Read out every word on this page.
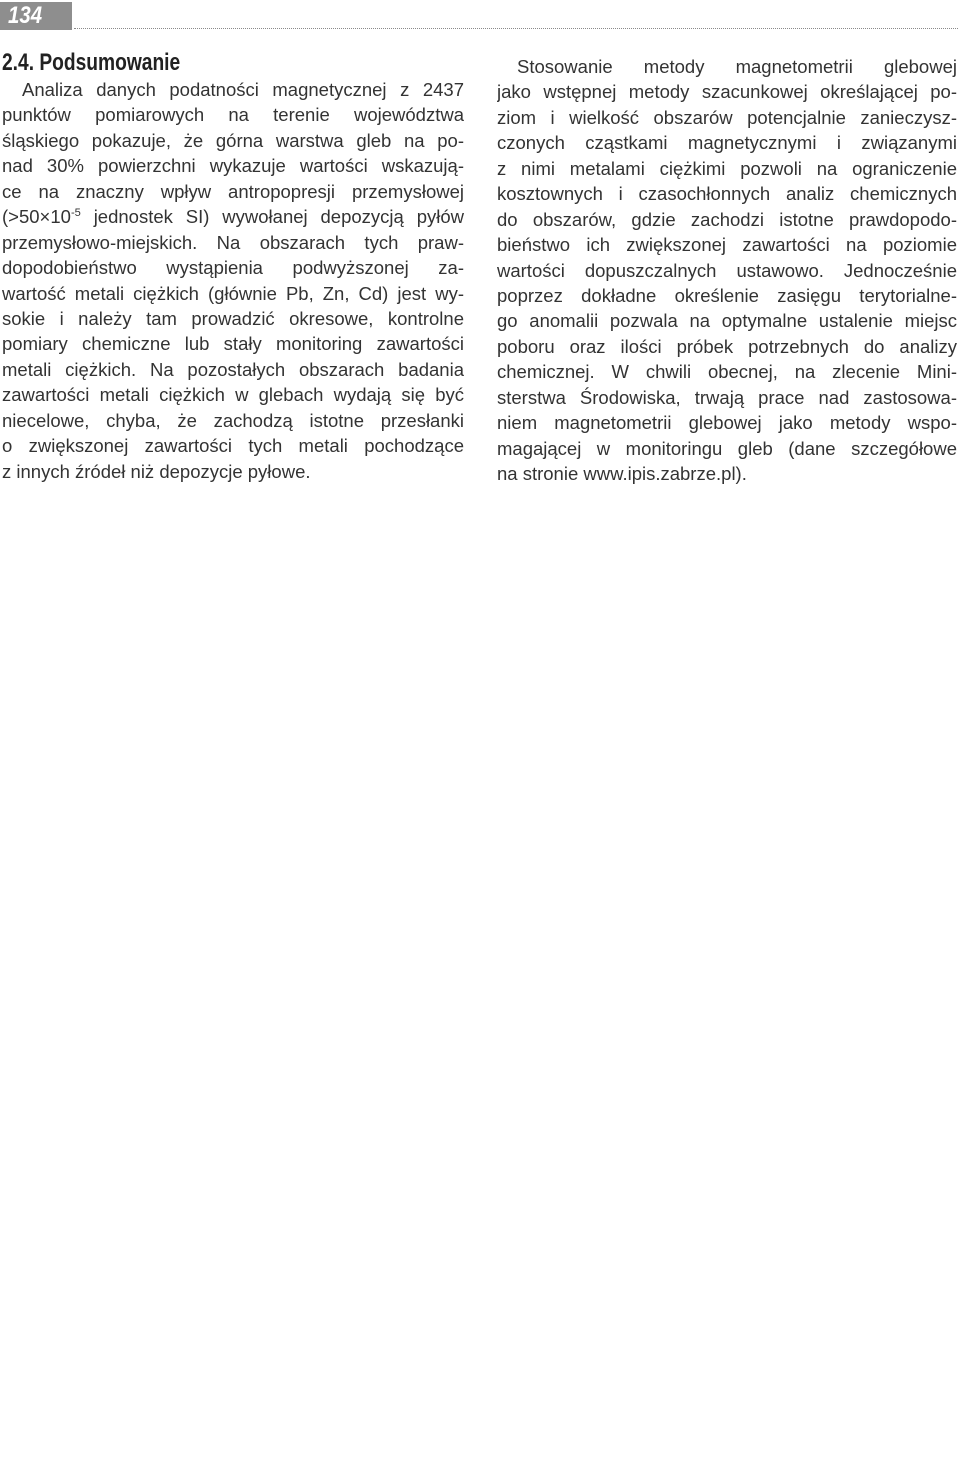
134
2.4. Podsumowanie
Analiza danych podatności magnetycznej z 2437
punktów pomiarowych na terenie województwa
śląskiego pokazuje, że górna warstwa gleb na po-
nad 30% powierzchni wykazuje wartości wskazują-
ce na znaczny wpływ antropopresji przemysłowej
($>50\times 10^{-5}$ jednostek SI) wywołanej depozycją pyłów
przemysłowo-miejskich. Na obszarach tych praw-
dopodobieństwo wystąpienia podwyższonej za-
wartość metali ciężkich (głównie Pb, Zn, Cd) jest wy-
sokie i należy tam prowadzić okresowe, kontrolne
pomiary chemiczne lub stały monitoring zawartości
metali ciężkich. Na pozostałych obszarach badania
zawartości metali ciężkich w glebach wydają się być
niecelowe, chyba, że zachodzą istotne przesłanki
o zwiększonej zawartości tych metali pochodzące
z innych źródeł niż depozycje pyłowe.
Stosowanie metody magnetometrii glebowej
jako wstępnej metody szacunkowej określającej po-
ziom i wielkość obszarów potencjalnie zanieczysz-
czonych cząstkami magnetycznymi i związanymi
z nimi metalami ciężkimi pozwoli na ograniczenie
kosztownych i czasochłonnych analiz chemicznych
do obszarów, gdzie zachodzi istotne prawdopodo-
bieństwo ich zwiększonej zawartości na poziomie
wartości dopuszczalnych ustawowo. Jednocześnie
poprzez dokładne określenie zasięgu terytorialne-
go anomalii pozwala na optymalne ustalenie miejsc
poboru oraz ilości próbek potrzebnych do analizy
chemicznej. W chwili obecnej, na zlecenie Mini-
sterstwa Środowiska, trwają prace nad zastosowa-
niem magnetometrii glebowej jako metody wspo-
magającej w monitoringu gleb (dane szczegółowe
na stronie www.ipis.zabrze.pl).
